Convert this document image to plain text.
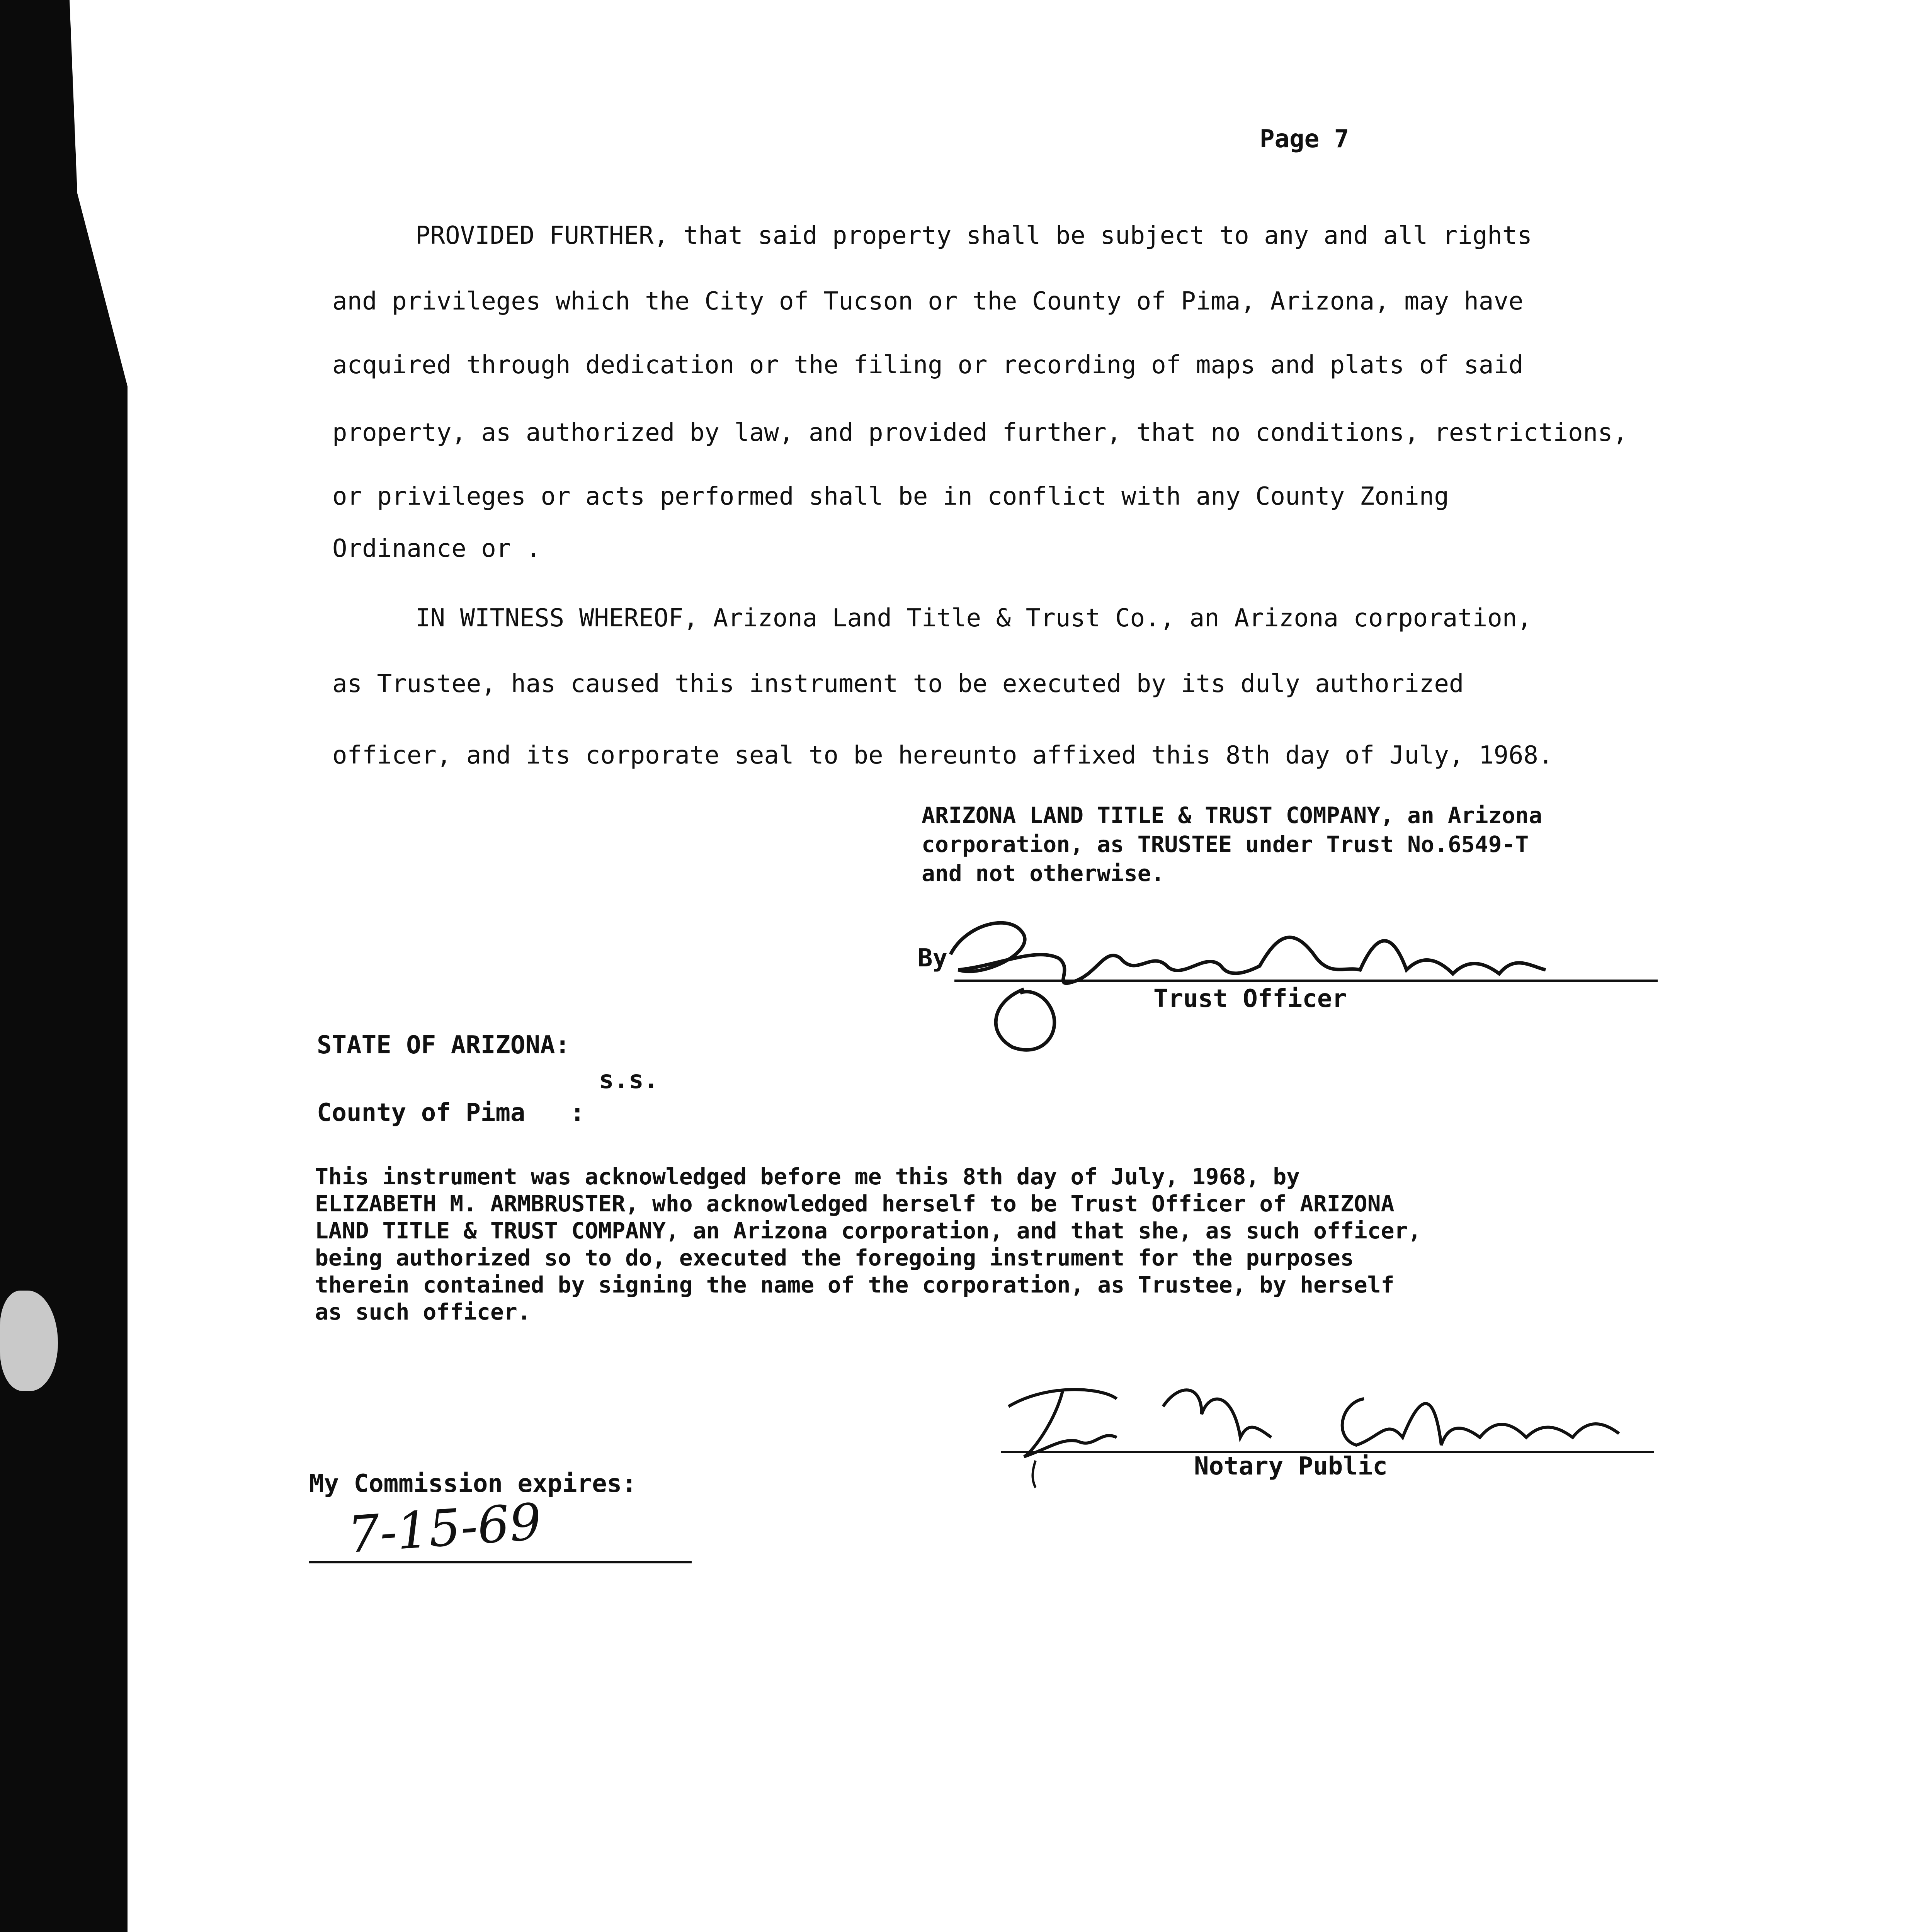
Page 7
PROVIDED FURTHER, that said property shall be subject to any and all rights
and privileges which the City of Tucson or the County of Pima, Arizona, may have
acquired through dedication or the filing or recording of maps and plats of said
property, as authorized by law, and provided further, that no conditions, restrictions,
or privileges or acts performed shall be in conflict with any County Zoning
Ordinance or .
IN WITNESS WHEREOF, Arizona Land Title & Trust Co., an Arizona corporation,
as Trustee, has caused this instrument to be executed by its duly authorized
officer, and its corporate seal to be hereunto affixed this 8th day of July, 1968.
ARIZONA LAND TITLE & TRUST COMPANY, an Arizona
corporation, as TRUSTEE under Trust No.6549-T
and not otherwise.
By
Trust Officer
STATE OF ARIZONA:
s.s.
County of Pima   :
This instrument was acknowledged before me this 8th day of July, 1968, by
ELIZABETH M. ARMBRUSTER, who acknowledged herself to be Trust Officer of ARIZONA
LAND TITLE & TRUST COMPANY, an Arizona corporation, and that she, as such officer,
being authorized so to do, executed the foregoing instrument for the purposes
therein contained by signing the name of the corporation, as Trustee, by herself
as such officer.
Notary Public
My Commission expires:
7-15-69
